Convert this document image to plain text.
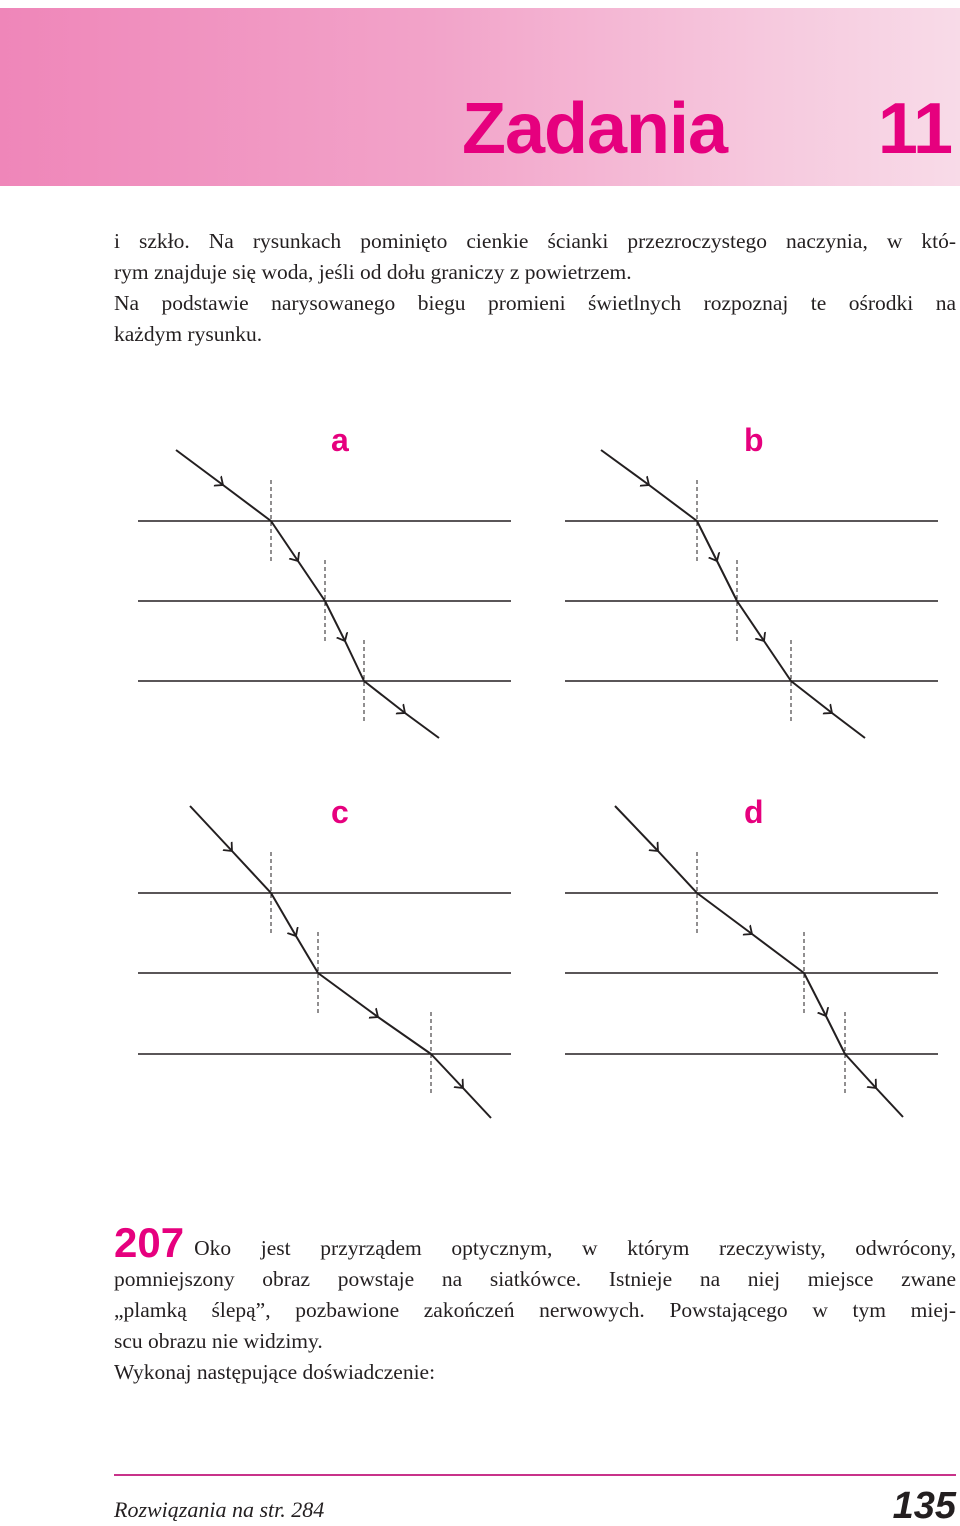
Zadania 11
i szkło. Na rysunkach pominięto cienkie ścianki przezroczystego naczynia, w któ-
rym znajduje się woda, jeśli od dołu graniczy z powietrzem.
Na podstawie narysowanego biegu promieni świetlnych rozpoznaj te ośrodki na
każdym rysunku.
a	b
c	d
207 Oko jest przyrządem optycznym, w którym rzeczywisty, odwrócony,
pomniejszony obraz powstaje na siatkówce. Istnieje na niej miejsce zwane
„plamką ślepą”, pozbawione zakończeń nerwowych. Powstającego w tym miej-
scu obrazu nie widzimy.
Wykonaj następujące doświadczenie:
Rozwiązania na str. 284	135
